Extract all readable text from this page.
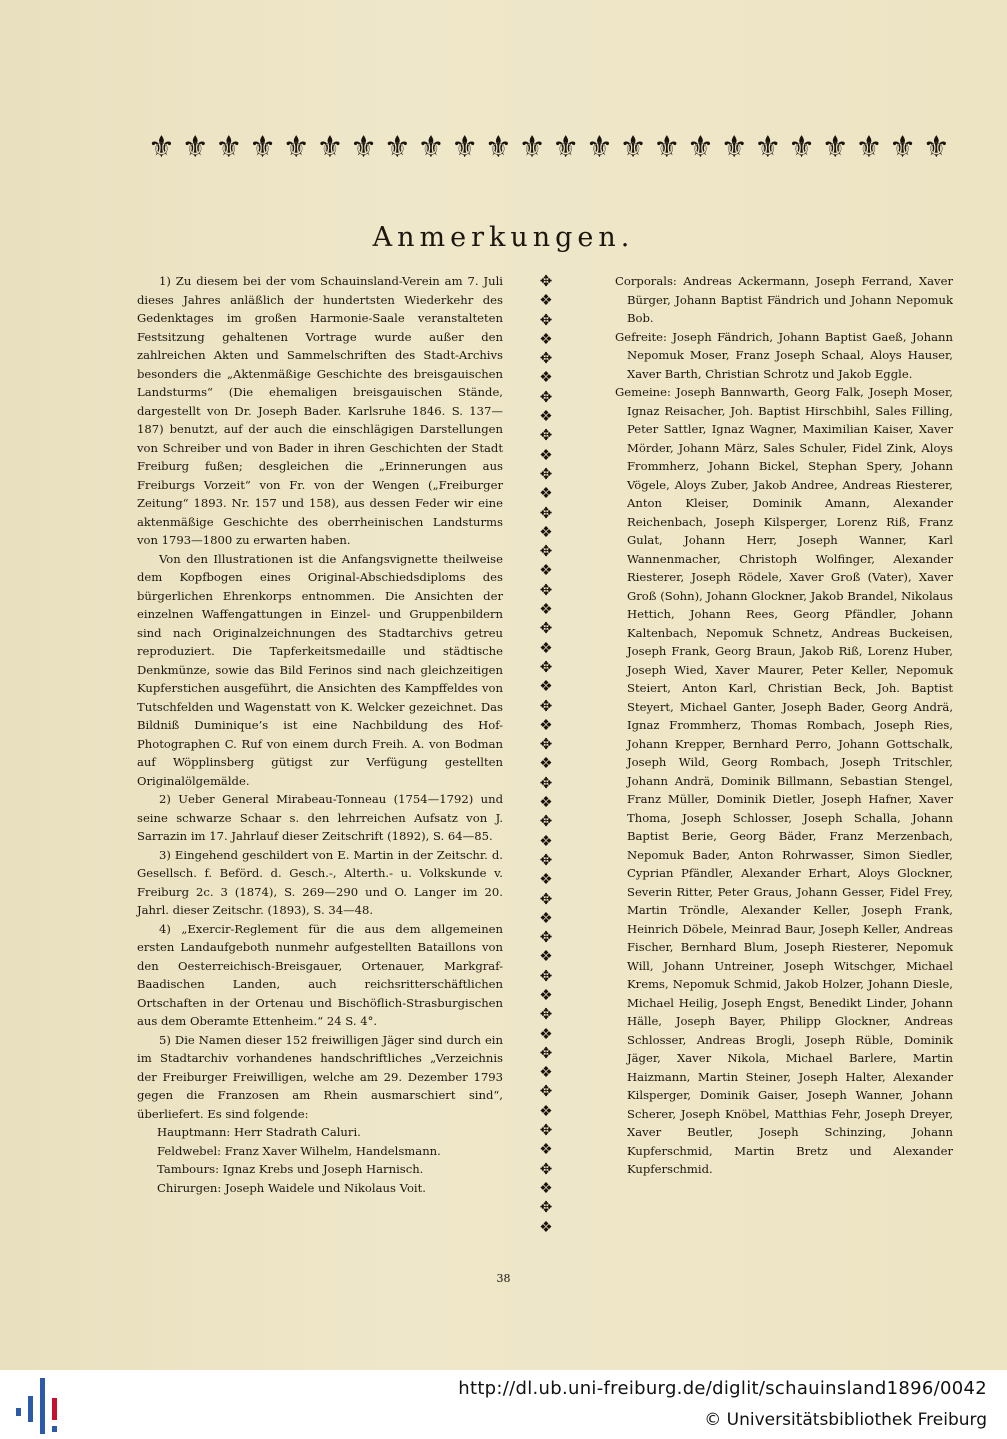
⚜ ⚜ ⚜ ⚜ ⚜ ⚜ ⚜ ⚜ ⚜ ⚜ ⚜ ⚜ ⚜ ⚜ ⚜ ⚜ ⚜ ⚜ ⚜ ⚜ ⚜ ⚜ ⚜ ⚜
Anmerkungen.

1) Zu diesem bei der vom Schauinsland-Verein am 7. Juli dieses Jahres anläßlich der hundertsten Wiederkehr des Gedenktages im großen Harmonie-Saale veranstalteten Festsitzung gehaltenen Vortrage wurde außer den zahlreichen Akten und Sammelschriften des Stadt-Archivs besonders die „Aktenmäßige Geschichte des breisgauischen Landsturms“ (Die ehemaligen breisgauischen Stände, dargestellt von Dr. Joseph Bader. Karlsruhe 1846. S. 137—187) benutzt, auf der auch die einschlägigen Darstellungen von Schreiber und von Bader in ihren Geschichten der Stadt Freiburg fußen; desgleichen die „Erinnerungen aus Freiburgs Vorzeit“ von Fr. von der Wengen („Freiburger Zeitung“ 1893. Nr. 157 und 158), aus dessen Feder wir eine aktenmäßige Geschichte des oberrheinischen Landsturms von 1793—1800 zu erwarten haben.

Von den Illustrationen ist die Anfangsvignette theilweise dem Kopfbogen eines Original-Abschiedsdiploms des bürgerlichen Ehrenkorps entnommen. Die Ansichten der einzelnen Waffengattungen in Einzel- und Gruppenbildern sind nach Originalzeichnungen des Stadtarchivs getreu reproduziert. Die Tapferkeitsmedaille und städtische Denkmünze, sowie das Bild Ferinos sind nach gleichzeitigen Kupferstichen ausgeführt, die Ansichten des Kampffeldes von Tutschfelden und Wagenstatt von K. Welcker gezeichnet. Das Bildniß Duminique’s ist eine Nachbildung des Hof-Photographen C. Ruf von einem durch Freih. A. von Bodman auf Wöpplinsberg gütigst zur Verfügung gestellten Originalölgemälde.

2) Ueber General Mirabeau-Tonneau (1754—1792) und seine schwarze Schaar s. den lehrreichen Aufsatz von J. Sarrazin im 17. Jahrlauf dieser Zeitschrift (1892), S. 64—85.

3) Eingehend geschildert von E. Martin in der Zeitschr. d. Gesellsch. f. Beförd. d. Gesch.-, Alterth.- u. Volkskunde v. Freiburg 2c. 3 (1874), S. 269—290 und O. Langer im 20. Jahrl. dieser Zeitschr. (1893), S. 34—48.

4) „Exercir-Reglement für die aus dem allgemeinen ersten Landaufgeboth nunmehr aufgestellten Bataillons von den Oesterreichisch-Breisgauer, Ortenauer, Markgraf-Baadischen Landen, auch reichsritterschäftlichen Ortschaften in der Ortenau und Bischöflich-Strasburgischen aus dem Oberamte Ettenheim.“ 24 S. 4°.

5) Die Namen dieser 152 freiwilligen Jäger sind durch ein im Stadtarchiv vorhandenes handschriftliches „Verzeichnis der Freiburger Freiwilligen, welche am 29. Dezember 1793 gegen die Franzosen am Rhein ausmarschiert sind“, überliefert. Es sind folgende:

Hauptmann: Herr Stadrath Caluri.

Feldwebel: Franz Xaver Wilhelm, Handelsmann.

Tambours: Ignaz Krebs und Joseph Harnisch.

Chirurgen: Joseph Waidele und Nikolaus Voit.

✥
❖
✥
❖
✥
❖
✥
❖
✥
❖
✥
❖
✥
❖
✥
❖
✥
❖
✥
❖
✥
❖
✥
❖
✥
❖
✥
❖
✥
❖
✥
❖
✥
❖
✥
❖
✥
❖
✥
❖
✥
❖
✥
❖
✥
❖
✥
❖
✥
❖

Corporals: Andreas Ackermann, Joseph Ferrand, Xaver Bürger, Johann Baptist Fändrich und Johann Nepomuk Bob.

Gefreite: Joseph Fändrich, Johann Baptist Gaeß, Johann Nepomuk Moser, Franz Joseph Schaal, Aloys Hauser, Xaver Barth, Christian Schrotz und Jakob Eggle.

Gemeine: Joseph Bannwarth, Georg Falk, Joseph Moser, Ignaz Reisacher, Joh. Baptist Hirschbihl, Sales Filling, Peter Sattler, Ignaz Wagner, Maximilian Kaiser, Xaver Mörder, Johann März, Sales Schuler, Fidel Zink, Aloys Frommherz, Johann Bickel, Stephan Spery, Johann Vögele, Aloys Zuber, Jakob Andree, Andreas Riesterer, Anton Kleiser, Dominik Amann, Alexander Reichenbach, Joseph Kilsperger, Lorenz Riß, Franz Gulat, Johann Herr, Joseph Wanner, Karl Wannenmacher, Christoph Wolfinger, Alexander Riesterer, Joseph Rödele, Xaver Groß (Vater), Xaver Groß (Sohn), Johann Glockner, Jakob Brandel, Nikolaus Hettich, Johann Rees, Georg Pfändler, Johann Kaltenbach, Nepomuk Schnetz, Andreas Buckeisen, Joseph Frank, Georg Braun, Jakob Riß, Lorenz Huber, Joseph Wied, Xaver Maurer, Peter Keller, Nepomuk Steiert, Anton Karl, Christian Beck, Joh. Baptist Steyert, Michael Ganter, Joseph Bader, Georg Andrä, Ignaz Frommherz, Thomas Rombach, Joseph Ries, Johann Krepper, Bernhard Perro, Johann Gottschalk, Joseph Wild, Georg Rombach, Joseph Tritschler, Johann Andrä, Dominik Billmann, Sebastian Stengel, Franz Müller, Dominik Dietler, Joseph Hafner, Xaver Thoma, Joseph Schlosser, Joseph Schalla, Johann Baptist Berie, Georg Bäder, Franz Merzenbach, Nepomuk Bader, Anton Rohrwasser, Simon Siedler, Cyprian Pfändler, Alexander Erhart, Aloys Glockner, Severin Ritter, Peter Graus, Johann Gesser, Fidel Frey, Martin Tröndle, Alexander Keller, Joseph Frank, Heinrich Döbele, Meinrad Baur, Joseph Keller, Andreas Fischer, Bernhard Blum, Joseph Riesterer, Nepomuk Will, Johann Untreiner, Joseph Witschger, Michael Krems, Nepomuk Schmid, Jakob Holzer, Johann Diesle, Michael Heilig, Joseph Engst, Benedikt Linder, Johann Hälle, Joseph Bayer, Philipp Glockner, Andreas Schlosser, Andreas Brogli, Joseph Rüble, Dominik Jäger, Xaver Nikola, Michael Barlere, Martin Haizmann, Martin Steiner, Joseph Halter, Alexander Kilsperger, Dominik Gaiser, Joseph Wanner, Johann Scherer, Joseph Knöbel, Matthias Fehr, Joseph Dreyer, Xaver Beutler, Joseph Schinzing, Johann Kupferschmid, Martin Bretz und Alexander Kupferschmid.

38
http://dl.ub.uni-freiburg.de/diglit/schauinsland1896/0042
© Universitätsbibliothek Freiburg
